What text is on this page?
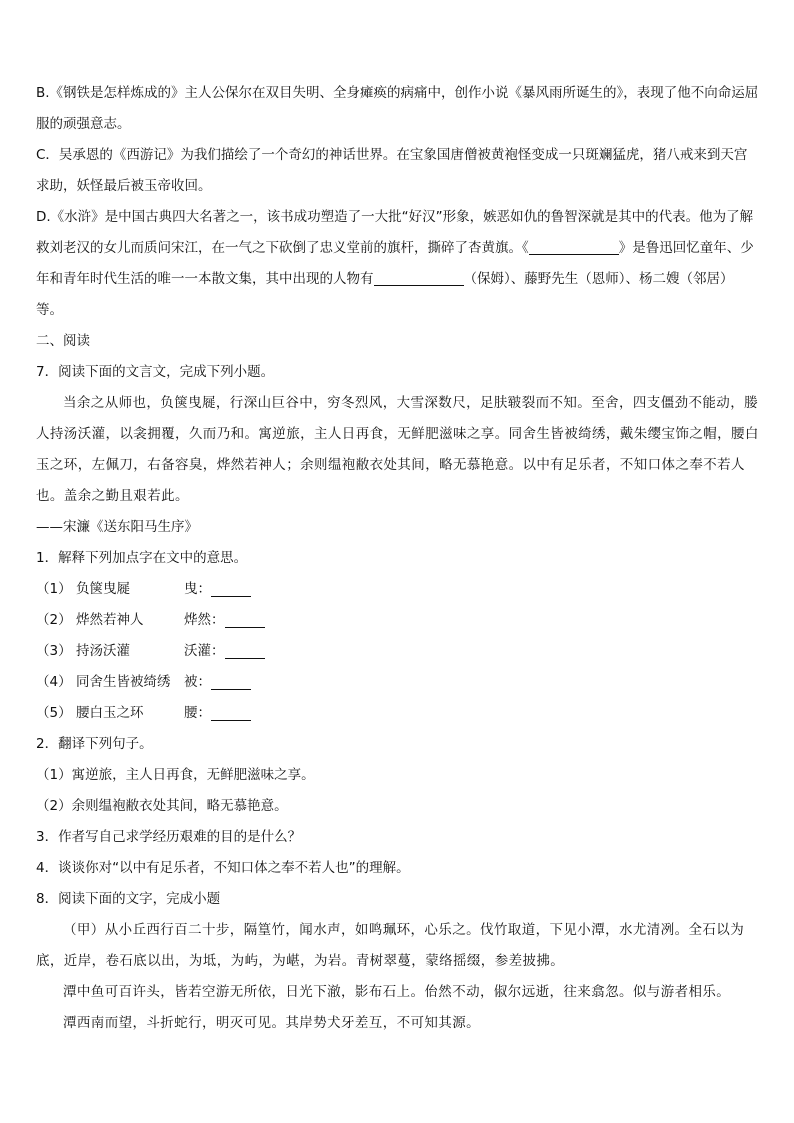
B.《钢铁是怎样炼成的》主人公保尔在双目失明、全身瘫痪的病痛中，创作小说《暴风雨所诞生的》，表现了他不向命运屈服的顽强意志。

C．吴承恩的《西游记》为我们描绘了一个奇幻的神话世界。在宝象国唐僧被黄袍怪变成一只斑斓猛虎，猪八戒来到天宫求助，妖怪最后被玉帝收回。

D.《水浒》是中国古典四大名著之一，该书成功塑造了一大批“好汉”形象，嫉恶如仇的鲁智深就是其中的代表。他为了解救刘老汉的女儿而质问宋江，在一气之下砍倒了忠义堂前的旗杆，撕碎了杏黄旗。《	》是鲁迅回忆童年、少年和青年时代生活的唯一一本散文集，其中出现的人物有	（保姆）、藤野先生（恩师）、杨二嫂（邻居）等。

二、阅读

7．阅读下面的文言文，完成下列小题。

当余之从师也，负箧曳屣，行深山巨谷中，穷冬烈风，大雪深数尺，足肤皲裂而不知。至舍，四支僵劲不能动，媵人持汤沃灌，以衾拥覆，久而乃和。寓逆旅，主人日再食，无鲜肥滋味之享。同舍生皆被绮绣，戴朱缨宝饰之帽，腰白玉之环，左佩刀，右备容臭，烨然若神人；余则缊袍敝衣处其间，略无慕艳意。以中有足乐者，不知口体之奉不若人也。盖余之勤且艰若此。

——宋濂《送东阳马生序》

1．解释下列加点字在文中的意思。

（1） 负箧曳屣	曳：
（2） 烨然若神人	烨然：
（3） 持汤沃灌	沃灌：
（4） 同舍生皆被绮绣	被：
（5） 腰白玉之环	腰：

2．翻译下列句子。

（1）寓逆旅，主人日再食，无鲜肥滋味之享。

（2）余则缊袍敝衣处其间，略无慕艳意。

3．作者写自己求学经历艰难的目的是什么？

4．谈谈你对“以中有足乐者，不知口体之奉不若人也”的理解。

8．阅读下面的文字，完成小题

（甲）从小丘西行百二十步，隔篁竹，闻水声，如鸣珮环，心乐之。伐竹取道，下见小潭，水尤清冽。全石以为底，近岸，卷石底以出，为坻，为屿，为嵁，为岩。青树翠蔓，蒙络摇缀，参差披拂。

潭中鱼可百许头，皆若空游无所依，日光下澈，影布石上。佁然不动，俶尔远逝，往来翕忽。似与游者相乐。

潭西南而望，斗折蛇行，明灭可见。其岸势犬牙差互，不可知其源。
